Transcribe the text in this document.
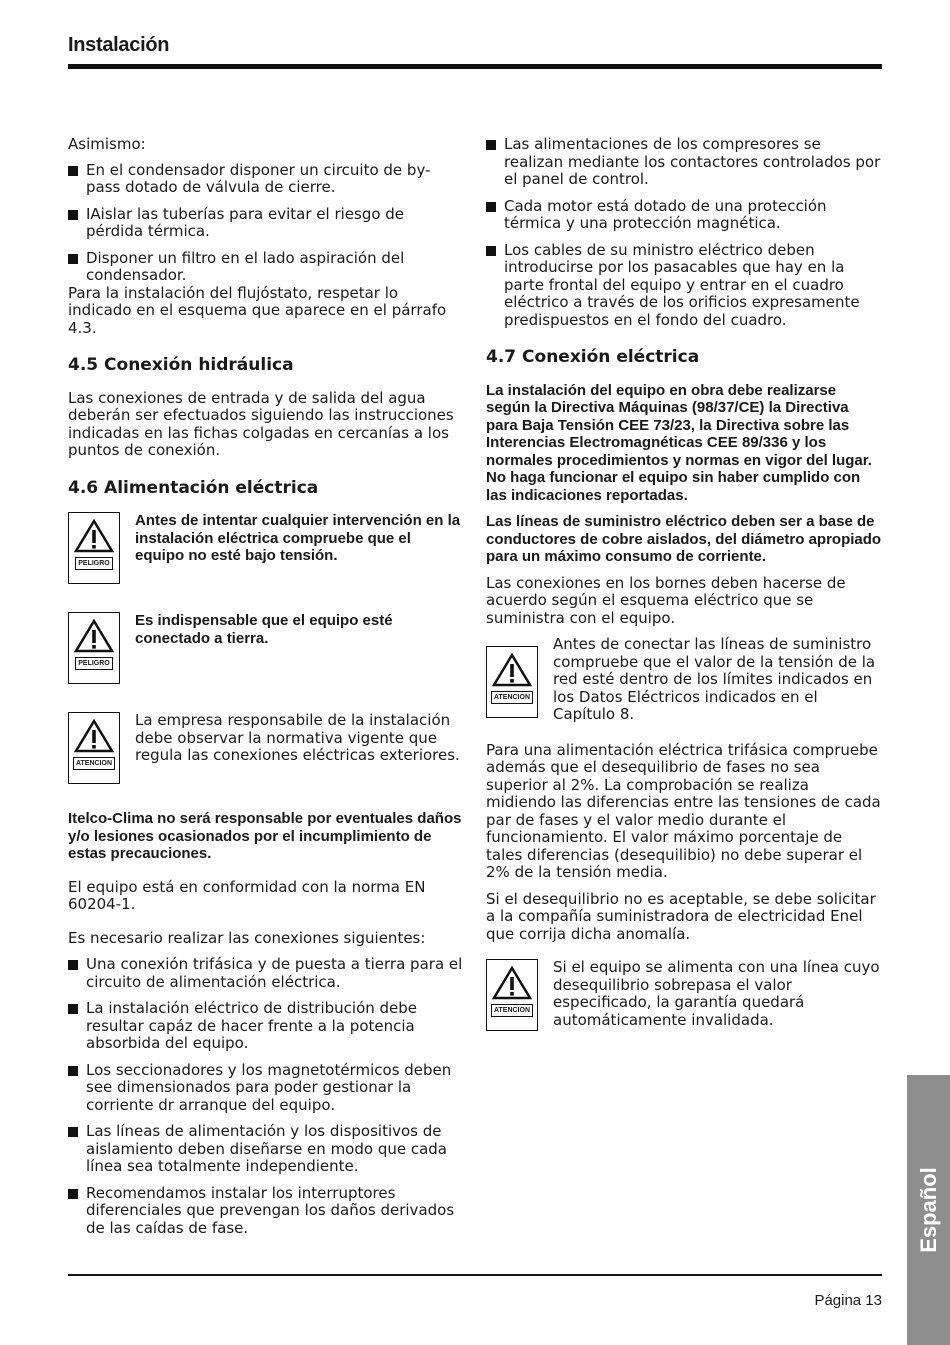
Instalación

Asimismo:

En el condensador disponer un circuito de by-pass dotado de válvula de cierre.
IAislar las tuberías para evitar el riesgo de pérdida térmica.
Disponer un filtro en el lado aspiración del condensador.

Para la instalación del flujóstato, respetar lo indicado en el esquema que aparece en el párrafo 4.3.

4.5 Conexión hidráulica

Las conexiones de entrada y de salida del agua deberán ser efectuados siguiendo las instrucciones indicadas en las fichas colgadas en cercanías a los puntos de conexión.

4.6 Alimentación eléctrica
PELIGRO
Antes de intentar cualquier intervención en la instalación eléctrica compruebe que el equipo no esté bajo tensión.
PELIGRO
Es indispensable que el equipo esté conectado a tierra.
ATENCION
La empresa responsabile de la instalación debe observar la normativa vigente que regula las conexiones eléctricas exteriores.

Itelco-Clima no será responsable por eventuales daños y/o lesiones ocasionados por el incumplimiento de estas precauciones.

El equipo está en conformidad con la norma EN 60204-1.

Es necesario realizar las conexiones siguientes:

Una conexión trifásica y de puesta a tierra para el circuito de alimentación eléctrica.
La instalación eléctrico de distribución debe resultar capáz de hacer frente a la potencia absorbida del equipo.
Los seccionadores y los magnetotérmicos deben see dimensionados para poder gestionar la corriente dr arranque del equipo.
Las líneas de alimentación y los dispositivos de aislamiento deben diseñarse en modo que cada línea sea totalmente independiente.
Recomendamos instalar los interruptores diferenciales que prevengan los daños derivados de las caídas de fase.
Las alimentaciones de los compresores se realizan mediante los contactores controlados por el panel de control.
Cada motor está dotado de una protección térmica y una protección magnética.
Los cables de su ministro eléctrico deben introducirse por los pasacables que hay en la parte frontal del equipo y entrar en el cuadro eléctrico a través de los orificios expresamente predispuestos en el fondo del cuadro.
4.7 Conexión eléctrica

La instalación del equipo en obra debe realizarse según la Directiva Máquinas (98/37/CE) la Directiva para Baja Tensión CEE 73/23, la Directiva sobre las Interencias Electromagnéticas CEE 89/336 y los normales procedimientos y normas en vigor del lugar. No haga funcionar el equipo sin haber cumplido con las indicaciones reportadas.

Las líneas de suministro eléctrico deben ser a base de conductores de cobre aislados, del diámetro apropiado para un máximo consumo de corriente.

Las conexiones en los bornes deben hacerse de acuerdo según el esquema eléctrico que se suministra con el equipo.

ATENCION
Antes de conectar las líneas de suministro compruebe que el valor de la tensión de la red esté dentro de los límites indicados en los Datos Eléctricos indicados en el Capítulo 8.

Para una alimentación eléctrica trifásica compruebe además que el desequilibrio de fases no sea superior al 2%. La comprobación se realiza midiendo las diferencias entre las tensiones de cada par de fases y el valor medio durante el funcionamiento. El valor máximo porcentaje de tales diferencias (desequilibio) no debe superar el 2% de la tensión media.

Si el desequilibrio no es aceptable, se debe solicitar a la compañía suministradora de electricidad Enel que corrija dicha anomalía.

ATENCION
Si el equipo se alimenta con una línea cuyo desequilibrio sobrepasa el valor especificado, la garantía quedará automáticamente invalidada.
Página 13
Español
